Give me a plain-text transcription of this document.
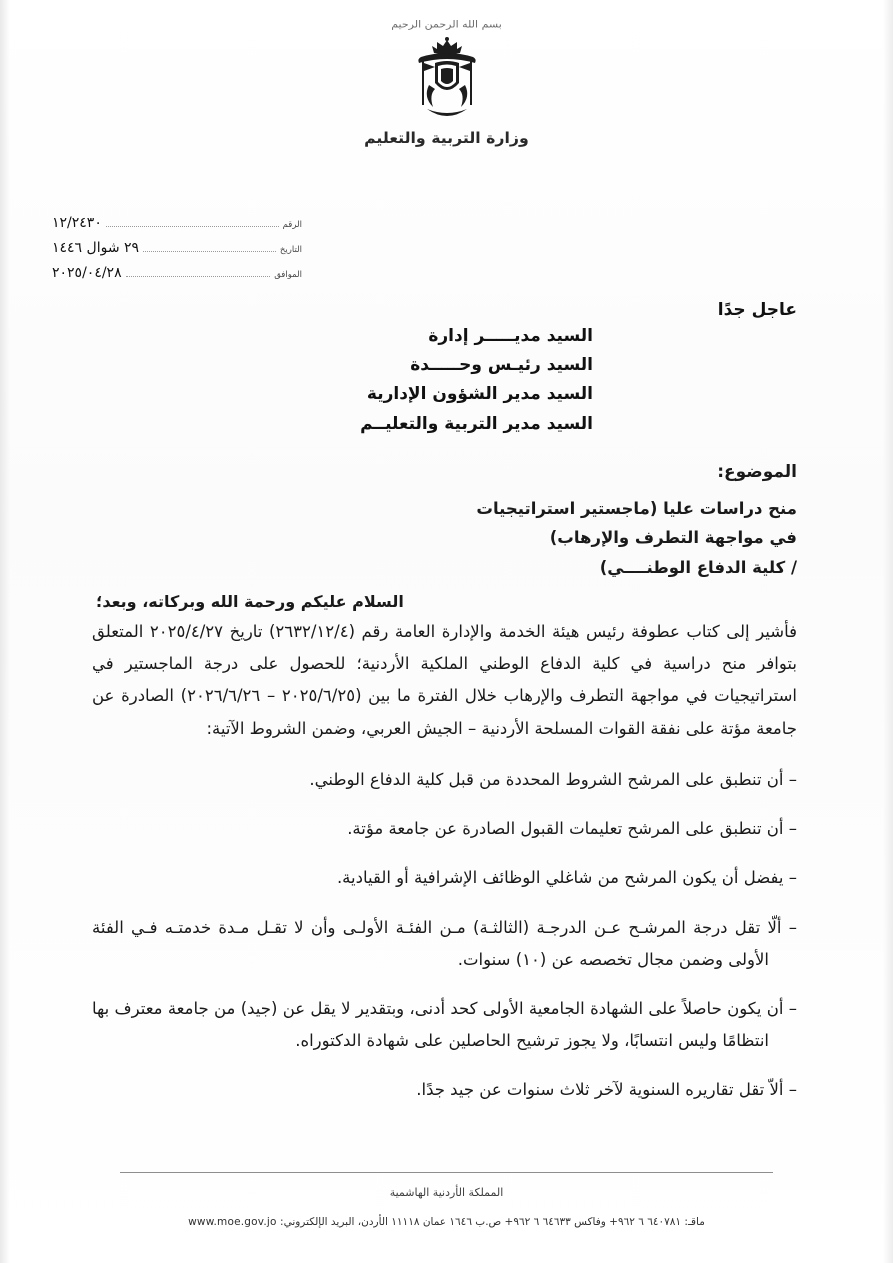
بسم الله الرحمن الرحيم
وزارة التربية والتعليم
الرقم
١٢/٢٤٣٠
التاريخ
٢٩ شوال ١٤٤٦
الموافق
٢٠٢٥/٠٤/٢٨
عاجل جدًا
السيد مديـــــر إدارة
السيد رئيـس وحـــــدة
السيد مدير الشؤون الإدارية
السيد مدير التربية والتعليــم
الموضوع:
منح دراسات عليا (ماجستير استراتيجيات
في مواجهة التطرف والإرهاب)
/ كلية الدفاع الوطنــــي)
السلام عليكم ورحمة الله وبركاته، وبعد؛
فأشير إلى كتاب عطوفة رئيس هيئة الخدمة والإدارة العامة رقم (٢٦٣٢/١٢/٤) تاريخ ٢٠٢٥/٤/٢٧ المتعلق بتوافر منح دراسية في كلية الدفاع الوطني الملكية الأردنية؛ للحصول على درجة الماجستير في استراتيجيات في مواجهة التطرف والإرهاب خلال الفترة ما بين (٢٠٢٥/٦/٢٥ – ٢٠٢٦/٦/٢٦) الصادرة عن جامعة مؤتة على نفقة القوات المسلحة الأردنية – الجيش العربي، وضمن الشروط الآتية:
– أن تنطبق على المرشح الشروط المحددة من قبل كلية الدفاع الوطني.
– أن تنطبق على المرشح تعليمات القبول الصادرة عن جامعة مؤتة.
– يفضل أن يكون المرشح من شاغلي الوظائف الإشرافية أو القيادية.
– ألّا تقل درجة المرشـح عـن الدرجـة (الثالثـة) مـن الفئـة الأولـى وأن لا تقـل مـدة خدمتـه فـي الفئة الأولى وضمن مجال تخصصه عن (١٠) سنوات.
– أن يكون حاصلاً على الشهادة الجامعية الأولى كحد أدنى، وبتقدير لا يقل عن (جيد) من جامعة معترف بها انتظامًا وليس انتسابًا، ولا يجوز ترشيح الحاصلين على شهادة الدكتوراه.
– ألاّ تقل تقاريره السنوية لآخر ثلاث سنوات عن جيد جدًا.
المملكة الأردنية الهاشمية
ماقـ: ٦٤٠٧٨١ ٦ ٩٦٢+ وفاكس ٦٤٦٣٣ ٦ ٩٦٢+ ص.ب ١٦٤٦ عمان ١١١١٨ الأردن، البريد الإلكتروني: www.moe.gov.jo
